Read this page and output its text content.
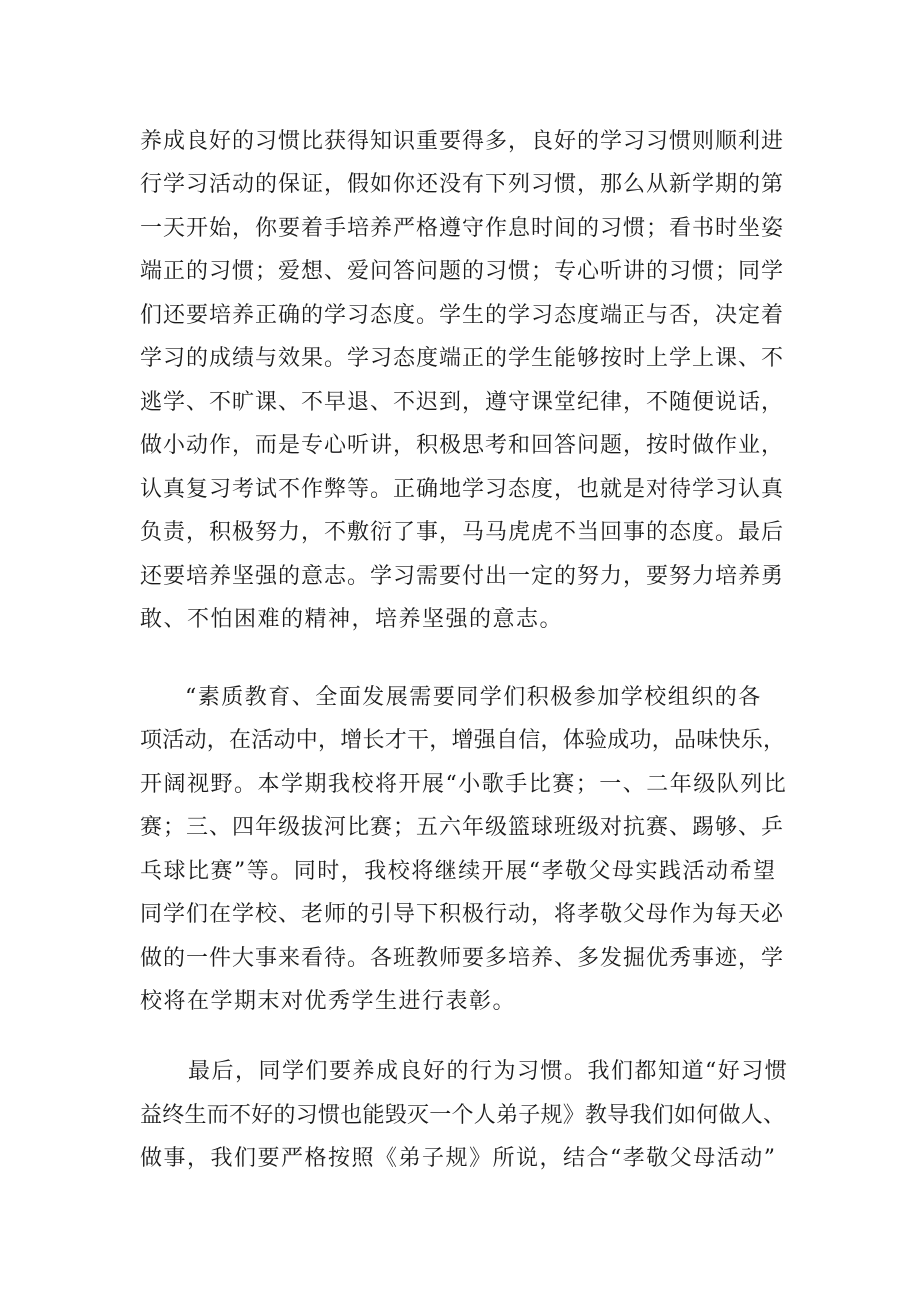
养成良好的习惯比获得知识重要得多，良好的学习习惯则顺利进
行学习活动的保证，假如你还没有下列习惯，那么从新学期的第
一天开始，你要着手培养严格遵守作息时间的习惯；看书时坐姿
端正的习惯；爱想、爱问答问题的习惯；专心听讲的习惯；同学
们还要培养正确的学习态度。学生的学习态度端正与否，决定着
学习的成绩与效果。学习态度端正的学生能够按时上学上课、不
逃学、不旷课、不早退、不迟到，遵守课堂纪律，不随便说话，
做小动作，而是专心听讲，积极思考和回答问题，按时做作业，
认真复习考试不作弊等。正确地学习态度，也就是对待学习认真
负责，积极努力，不敷衍了事，马马虎虎不当回事的态度。最后
还要培养坚强的意志。学习需要付出一定的努力，要努力培养勇
敢、不怕困难的精神，培养坚强的意志。
“素质教育、全面发展需要同学们积极参加学校组织的各
项活动，在活动中，增长才干，增强自信，体验成功，品味快乐，
开阔视野。本学期我校将开展“小歌手比赛；一、二年级队列比
赛；三、四年级拔河比赛；五六年级篮球班级对抗赛、踢够、乒
乓球比赛”等。同时，我校将继续开展“孝敬父母实践活动希望
同学们在学校、老师的引导下积极行动，将孝敬父母作为每天必
做的一件大事来看待。各班教师要多培养、多发掘优秀事迹，学
校将在学期末对优秀学生进行表彰。
最后，同学们要养成良好的行为习惯。我们都知道“好习惯
益终生而不好的习惯也能毁灭一个人弟子规》教导我们如何做人、
做事，我们要严格按照《弟子规》所说，结合“孝敬父母活动”
